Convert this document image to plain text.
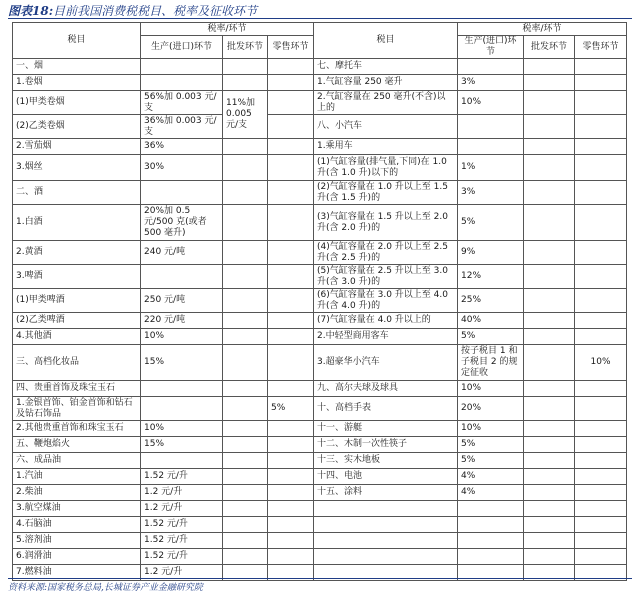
图表18:目前我国消费税税目、税率及征收环节
税目	税率/环节			税目	税率/环节		
	生产(进口)环节	批发环节	零售环节		生产(进口)环节	批发环节	零售环节
一、烟				七、摩托车			
1.卷烟				1.气缸容量 250 毫升	3%		
(1)甲类卷烟	56%加 0.003 元/支	11%加 0.005 元/支		2.气缸容量在 250 毫升(不含)以上的	10%		
(2)乙类卷烟	36%加 0.003 元/支			八、小汽车			
2.雪茄烟	36%			1.乘用车			
3.烟丝	30%			(1)气缸容量(排气量,下同)在 1.0 升(含 1.0 升)以下的	1%		
二、酒				(2)气缸容量在 1.0 升以上至 1.5 升(含 1.5 升)的	3%		
1.白酒	20%加 0.5 元/500 克(或者500 毫升)			(3)气缸容量在 1.5 升以上至 2.0 升(含 2.0 升)的	5%		
2.黄酒	240 元/吨			(4)气缸容量在 2.0 升以上至 2.5 升(含 2.5 升)的	9%		
3.啤酒				(5)气缸容量在 2.5 升以上至 3.0 升(含 3.0 升)的	12%		
(1)甲类啤酒	250 元/吨			(6)气缸容量在 3.0 升以上至 4.0 升(含 4.0 升)的	25%		
(2)乙类啤酒	220 元/吨			(7)气缸容量在 4.0 升以上的	40%		
4.其他酒	10%			2.中轻型商用客车	5%		
三、高档化妆品	15%			3.超豪华小汽车	按子税目 1 和子税目 2 的规定征收		10%
四、贵重首饰及珠宝玉石				九、高尔夫球及球具	10%		
1.金银首饰、铂金首饰和钻石及钻石饰品			5%	十、高档手表	20%		
2.其他贵重首饰和珠宝玉石	10%			十一、游艇	10%		
五、鞭炮焰火	15%			十二、木制一次性筷子	5%		
六、成品油				十三、实木地板	5%		
1.汽油	1.52 元/升			十四、电池	4%		
2.柴油	1.2 元/升			十五、涂料	4%		
3.航空煤油	1.2 元/升						
4.石脑油	1.52 元/升						
5.溶剂油	1.52 元/升						
6.润滑油	1.52 元/升						
7.燃料油	1.2 元/升						
资料来源:国家税务总局,长城证券产业金融研究院
